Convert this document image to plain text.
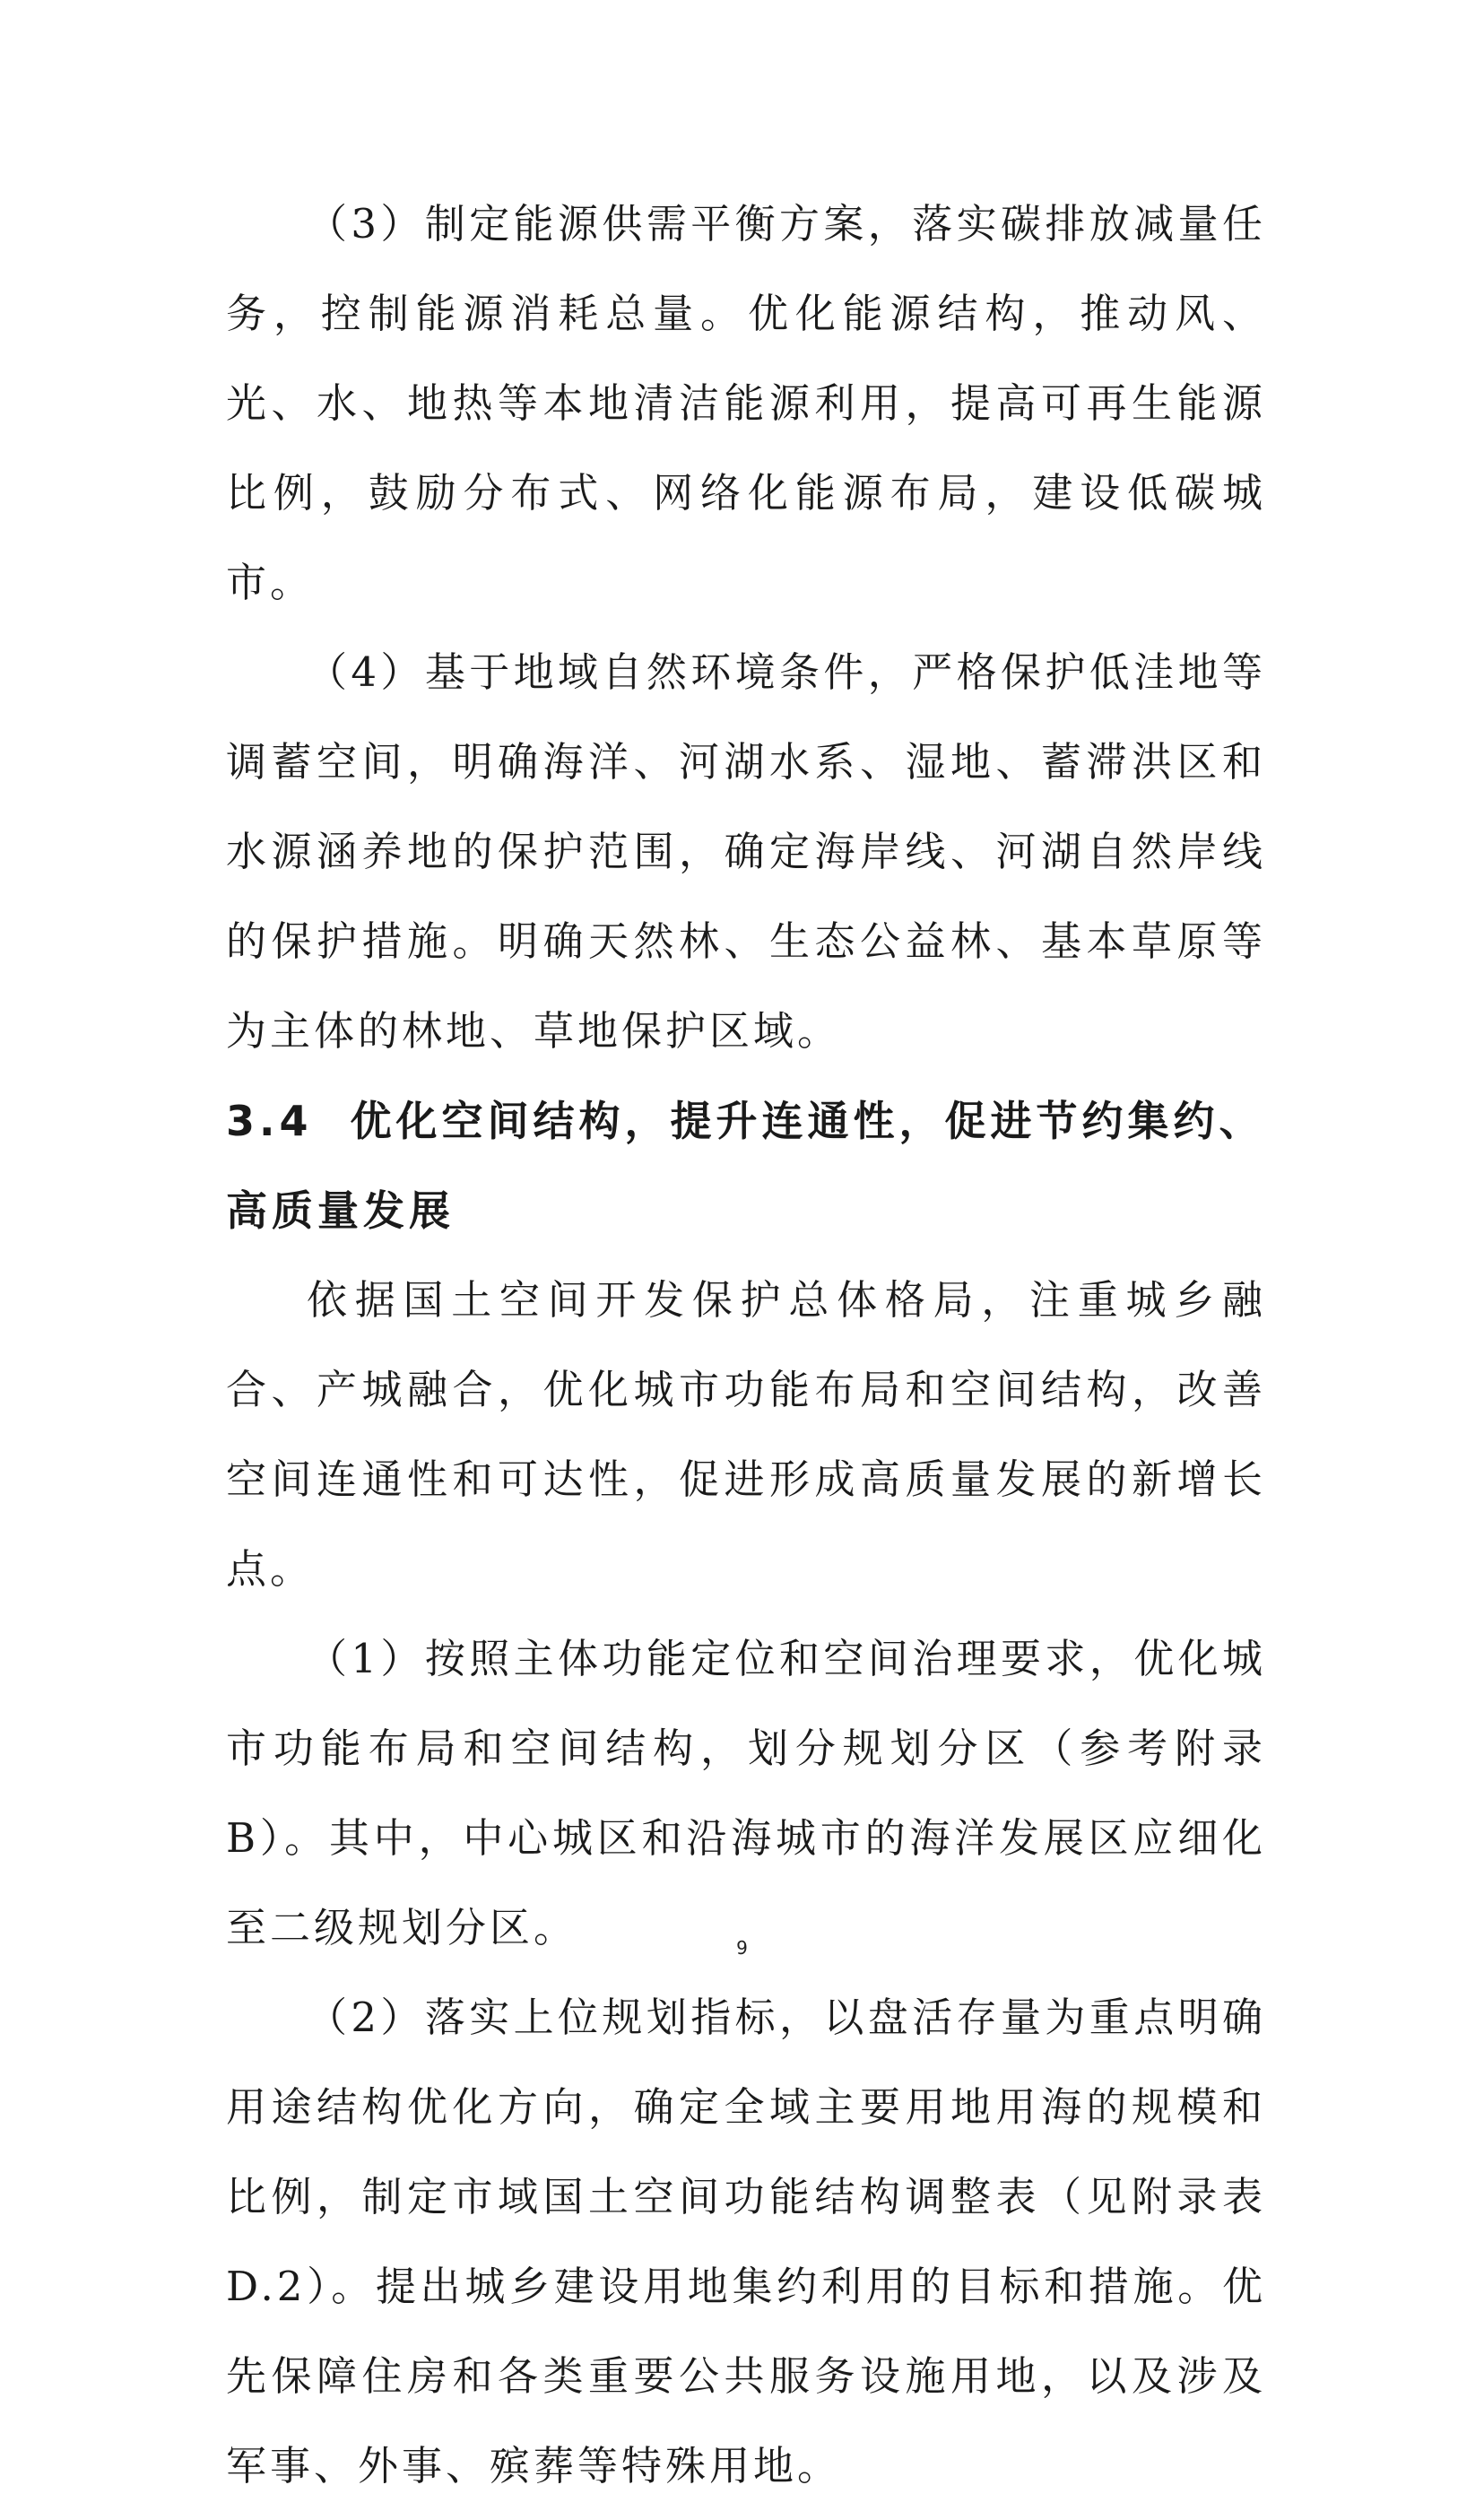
（3）制定能源供需平衡方案，落实碳排放减量任务，控制能源消耗总量。优化能源结构，推动风、光、水、地热等本地清洁能源利用，提高可再生能源比例，鼓励分布式、网络化能源布局，建设低碳城市。

（4）基于地域自然环境条件，严格保护低洼地等调蓄空间，明确海洋、河湖水系、湿地、蓄滞洪区和水源涵养地的保护范围，确定海岸线、河湖自然岸线的保护措施。明确天然林、生态公益林、基本草原等为主体的林地、草地保护区域。

3.4 优化空间结构，提升连通性，促进节约集约、高质量发展

依据国土空间开发保护总体格局，注重城乡融合、产城融合，优化城市功能布局和空间结构，改善空间连通性和可达性，促进形成高质量发展的新增长点。

（1）按照主体功能定位和空间治理要求，优化城市功能布局和空间结构，划分规划分区（参考附录 B）。其中，中心城区和沿海城市的海洋发展区应细化至二级规划分区。

（2）落实上位规划指标，以盘活存量为重点明确用途结构优化方向，确定全域主要用地用海的规模和比例，制定市域国土空间功能结构调整表（见附录表 D.2）。提出城乡建设用地集约利用的目标和措施。优先保障住房和各类重要公共服务设施用地，以及涉及军事、外事、殡葬等特殊用地。

9
